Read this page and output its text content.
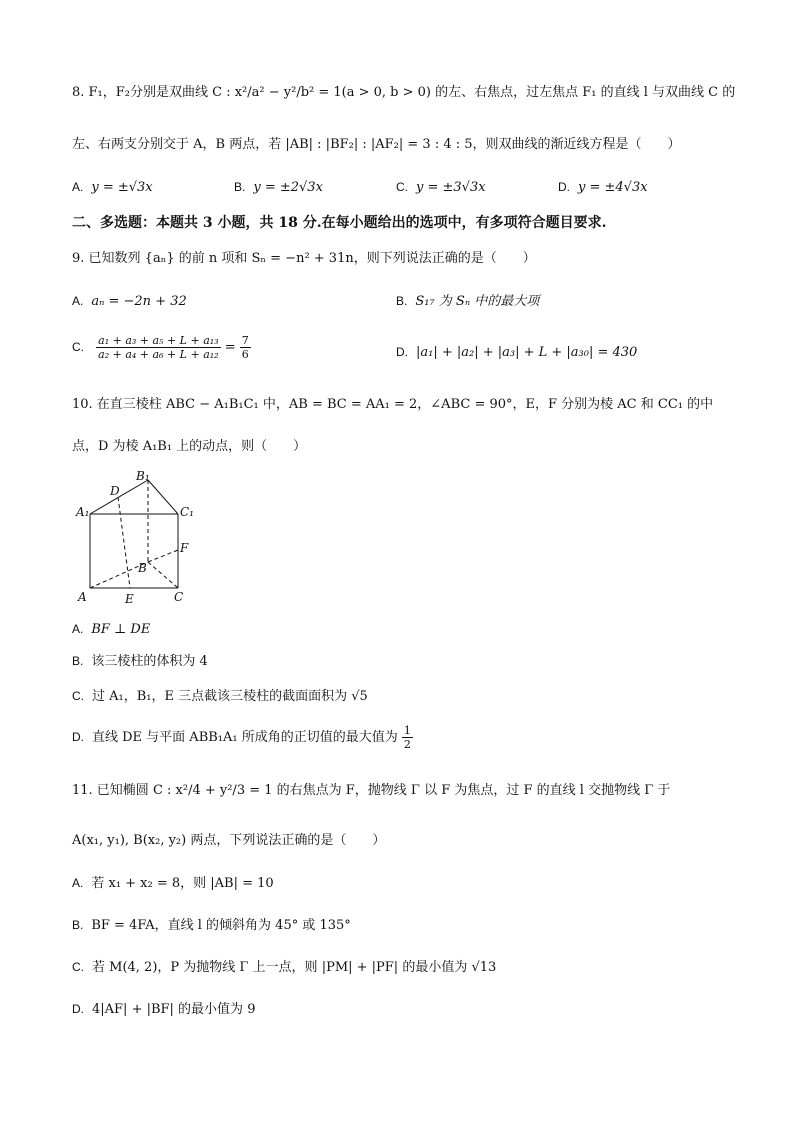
8. F₁，F₂分别是双曲线 C : x²/a² − y²/b² = 1(a > 0, b > 0) 的左、右焦点，过左焦点 F₁ 的直线 l 与双曲线 C 的
左、右两支分别交于 A，B 两点，若 |AB| : |BF₂| : |AF₂| = 3 : 4 : 5，则双曲线的渐近线方程是（　　）
A. y = ±√3x	B. y = ±2√3x	C. y = ±3√3x	D. y = ±4√3x
二、多选题：本题共 3 小题，共 18 分.在每小题给出的选项中，有多项符合题目要求.
9. 已知数列 {aₙ} 的前 n 项和 Sₙ = −n² + 31n，则下列说法正确的是（　　）
A. aₙ = −2n + 32	B. S₁₇ 为 Sₙ 中的最大项
C. $\frac{\text{a₁ + a₃ + a₅ + L + a₁₃}}{\text{a₂ + a₄ + a₆ + L + a₁₂}} = \frac{7}{6}$	D. |a₁| + |a₂| + |a₃| + L + |a₃₀| = 430
10. 在直三棱柱 ABC − A₁B₁C₁ 中，AB = BC = AA₁ = 2，∠ABC = 90°，E，F 分别为棱 AC 和 CC₁ 的中
点，D 为棱 A₁B₁ 上的动点，则（　　）
A₁
B₁
C₁
D
F
B
A	E	C
A. BF ⊥ DE
B. 该三棱柱的体积为 4
C. 过 A₁，B₁，E 三点截该三棱柱的截面面积为 √5
D. 直线 DE 与平面 ABB₁A₁ 所成角的正切值的最大值为 $\frac{1}{2}$
11. 已知椭圆 C : x²/4 + y²/3 = 1 的右焦点为 F，抛物线 Γ 以 F 为焦点，过 F 的直线 l 交抛物线 Γ 于
A(x₁, y₁), B(x₂, y₂) 两点，下列说法正确的是（　　）
A. 若 x₁ + x₂ = 8，则 |AB| = 10
B. BF = 4FA，直线 l 的倾斜角为 45° 或 135°
C. 若 M(4, 2)，P 为抛物线 Γ 上一点，则 |PM| + |PF| 的最小值为 √13
D. 4|AF| + |BF| 的最小值为 9
